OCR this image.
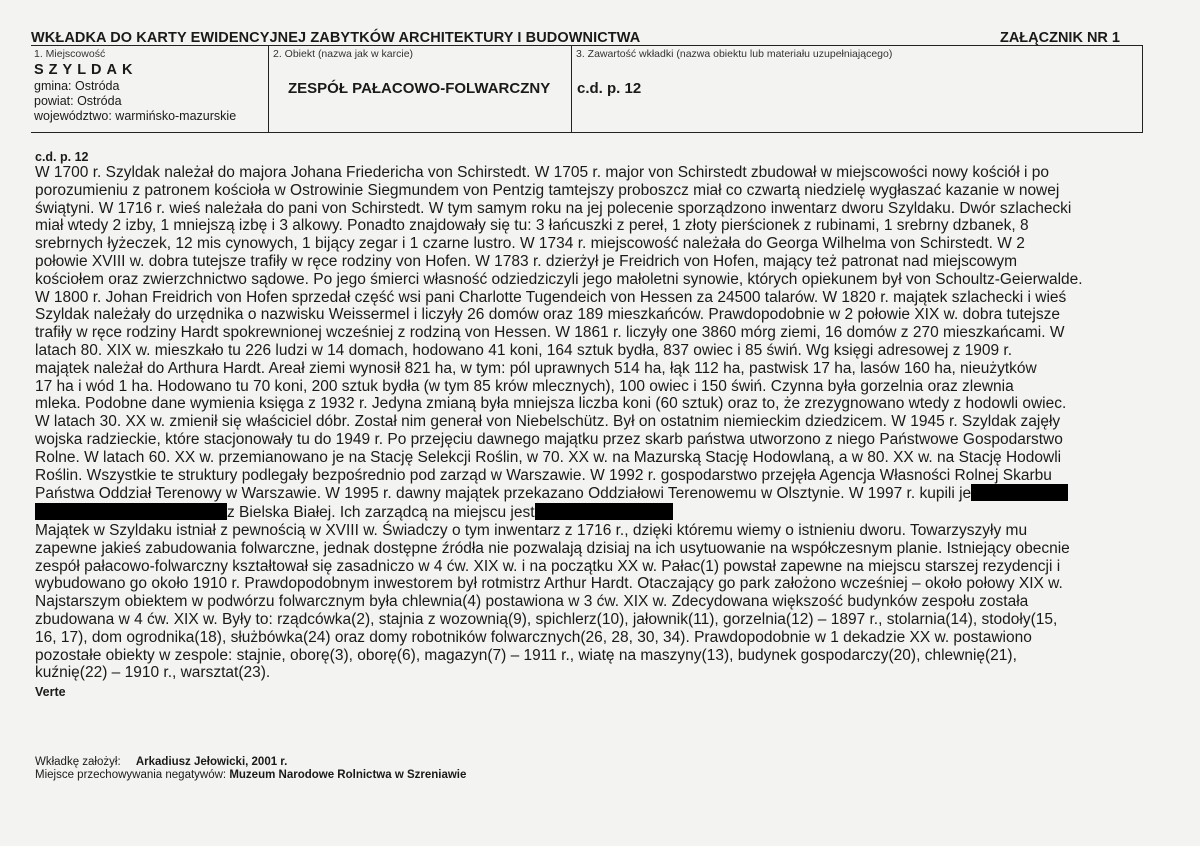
WKŁADKA DO KARTY EWIDENCYJNEJ ZABYTKÓW ARCHITEKTURY I BUDOWNICTWA	ZAŁĄCZNIK NR 1
1. Miejscowość
SZYLDAK
gmina: Ostróda
powiat: Ostróda
województwo: warmińsko-mazurskie
2. Obiekt (nazwa jak w karcie)
ZESPÓŁ PAŁACOWO-FOLWARCZNY
3. Zawartość wkładki (nazwa obiektu lub materiału uzupełniającego)
c.d. p. 12
c.d. p. 12
W 1700 r. Szyldak należał do majora Johana Friedericha von Schirstedt. W 1705 r. major von Schirstedt zbudował w miejscowości nowy kościół i po
porozumieniu z patronem kościoła w Ostrowinie Siegmundem von Pentzig tamtejszy proboszcz miał co czwartą niedzielę wygłaszać kazanie w nowej
świątyni. W 1716 r. wieś należała do pani von Schirstedt. W tym samym roku na jej polecenie sporządzono inwentarz dworu Szyldaku. Dwór szlachecki
miał wtedy 2 izby, 1 mniejszą izbę i 3 alkowy. Ponadto znajdowały się tu: 3 łańcuszki z pereł, 1 złoty pierścionek z rubinami, 1 srebrny dzbanek, 8
srebrnych łyżeczek, 12 mis cynowych, 1 bijący zegar i 1 czarne lustro. W 1734 r. miejscowość należała do Georga Wilhelma von Schirstedt. W 2
połowie XVIII w. dobra tutejsze trafiły w ręce rodziny von Hofen. W 1783 r. dzierżył je Freidrich von Hofen, mający też patronat nad miejscowym
kościołem oraz zwierzchnictwo sądowe. Po jego śmierci własność odziedziczyli jego małoletni synowie, których opiekunem był von Schoultz-Geierwalde.
W 1800 r. Johan Freidrich von Hofen sprzedał część wsi pani Charlotte Tugendeich von Hessen za 24500 talarów. W 1820 r. majątek szlachecki i wieś
Szyldak należały do urzędnika o nazwisku Weissermel i liczyły 26 domów oraz 189 mieszkańców. Prawdopodobnie w 2 połowie XIX w. dobra tutejsze
trafiły w ręce rodziny Hardt spokrewnionej wcześniej z rodziną von Hessen. W 1861 r. liczyły one 3860 mórg ziemi, 16 domów z 270 mieszkańcami. W
latach 80. XIX w. mieszkało tu 226 ludzi w 14 domach, hodowano 41 koni, 164 sztuk bydła, 837 owiec i 85 świń. Wg księgi adresowej z 1909 r.
majątek należał do Arthura Hardt. Areał ziemi wynosił 821 ha, w tym: pól uprawnych 514 ha, łąk 112 ha, pastwisk 17 ha, lasów 160 ha, nieużytków
17 ha i wód 1 ha. Hodowano tu 70 koni, 200 sztuk bydła (w tym 85 krów mlecznych), 100 owiec i 150 świń. Czynna była gorzelnia oraz zlewnia
mleka. Podobne dane wymienia księga z 1932 r. Jedyna zmianą była mniejsza liczba koni (60 sztuk) oraz to, że zrezygnowano wtedy z hodowli owiec.
W latach 30. XX w. zmienił się właściciel dóbr. Został nim generał von Niebelschütz. Był on ostatnim niemieckim dziedzicem. W 1945 r. Szyldak zajęły
wojska radzieckie, które stacjonowały tu do 1949 r. Po przejęciu dawnego majątku przez skarb państwa utworzono z niego Państwowe Gospodarstwo
Rolne. W latach 60. XX w. przemianowano je na Stację Selekcji Roślin, w 70. XX w. na Mazurską Stację Hodowlaną, a w 80. XX w. na Stację Hodowli
Roślin. Wszystkie te struktury podlegały bezpośrednio pod zarząd w Warszawie. W 1992 r. gospodarstwo przejęła Agencja Własności Rolnej Skarbu
Państwa Oddział Terenowy w Warszawie. W 1995 r. dawny majątek przekazano Oddziałowi Terenowemu w Olsztynie. W 1997 r. kupili je
z Bielska Białej. Ich zarządcą na miejscu jest
Majątek w Szyldaku istniał z pewnością w XVIII w. Świadczy o tym inwentarz z 1716 r., dzięki któremu wiemy o istnieniu dworu. Towarzyszyły mu
zapewne jakieś zabudowania folwarczne, jednak dostępne źródła nie pozwalają dzisiaj na ich usytuowanie na współczesnym planie. Istniejący obecnie
zespół pałacowo-folwarczny kształtował się zasadniczo w 4 ćw. XIX w. i na początku XX w. Pałac(1) powstał zapewne na miejscu starszej rezydencji i
wybudowano go około 1910 r. Prawdopodobnym inwestorem był rotmistrz Arthur Hardt. Otaczający go park założono wcześniej – około połowy XIX w.
Najstarszym obiektem w podwórzu folwarcznym była chlewnia(4) postawiona w 3 ćw. XIX w. Zdecydowana większość budynków zespołu została
zbudowana w 4 ćw. XIX w. Były to: rządcówka(2), stajnia z wozownią(9), spichlerz(10), jałownik(11), gorzelnia(12) – 1897 r., stolarnia(14), stodoły(15,
16, 17), dom ogrodnika(18), służbówka(24) oraz domy robotników folwarcznych(26, 28, 30, 34). Prawdopodobnie w 1 dekadzie XX w. postawiono
pozostałe obiekty w zespole: stajnie, oborę(3), oborę(6), magazyn(7) – 1911 r., wiatę na maszyny(13), budynek gospodarczy(20), chlewnię(21),
kuźnię(22) – 1910 r., warsztat(23).
Verte
Wkładkę założył: Arkadiusz Jełowicki, 2001 r.
Miejsce przechowywania negatywów: Muzeum Narodowe Rolnictwa w Szreniawie
